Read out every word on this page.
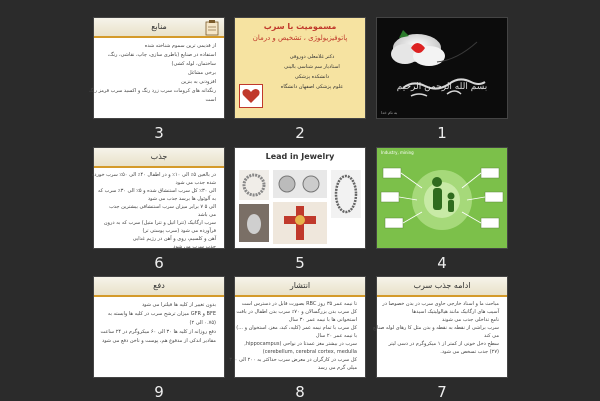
بسم الله الرحمن الرحیم
به نام خدا
1
مسمومیت با سرب
پاتوفیزیولوژی ، تشخیص و درمان
دکتر غلامعلی دوروقی
استادیار سم شناسی بالینی
دانشکده پزشکی
علوم پزشکی اصفهان دانشگاه
2
منابع
از قدیمی ترین سموم شناخته شده
استفاده در صنایع (باطری سازی، چاپ، نقاشی، رنگ،
ساختمان، لوله کشی)
برخی مشاغل
افزودنی به بنزین
رنگدانه های کرومات سرب زرد رنگ و اکسید سرب قرمز رنگ
است
3
Industry, mining
4
Lead in Jewelry
5
جذب
در بالغین ۵٪ الی ۱۰٪ و در اطفال ۴۰٪ الی ۵۰٪ سرب خورده
شده جذب می شود
الی ۳۰٪ کل سرب استنشاق شده و ۵٪ الی ۳۰٪ سرب که
به آلوئول ها برسد جذب می شود
الی ۵ ۷ برابر میزان سرب استنشاقی بیشترین جذب
می باشد
سرب ارگانیک (تترا اتیل و تترا متیل) سرب که به درون
فرآورده می شود (سرب پوستی تر)
آهن و کلسیم، روی و آهن در رژیم غذایی
جذب سرب می شود
6
ادامه جذب سرب
مباحث ما و اسناد خارجی حاوی سرب در بدن خصوصا در
آسیب های ارگانیک مانند هیالولیتیک اسیدها
نامع تداخلی جذب می شوند
سرب براشی از نقطه به نقطه و بدن مثل کا رهای لوله صنایع
می کند
سطح دخل خونی از کمتر از ۱ میکروگرم در دسی لیتر
(۲۷) جذب تسخص می شود.
7
انتشار
تا نیمه عمر ۳۵ روز RBC بصورت قابل در دسترس است
کل سرب بدن بزرگسالان و ۷۰٪ سرب بدن اطفال در بافت
استخوانی ها با نیمه عمر ۳۰ سال
کل سرب با تمام نیمه عمر (کلیه، کبد، مغز، استخوان و ...)
با نیمه عمر ۲۰ سال
سرب در بیشتر مغز عمدتا در نواحی (hippocampus,
cerebellum, cerebral cortex, medulla)
کل سرب در کارگران در معرض سرب حداکثر به ۲۰۰ الی ۳۰۰
میلی گرم می رسد
8
دفع
بدون تغییر از کلیه ها فیلترا می شود
BFE و GFR میزان ترشح سرب در کلیه ها وابسته به
(۰.۷۵ الی ۲)
دفع روزانه از کلیه ها ۳۰ الی ۶۰ میکروگرم در ۲۴ ساعت
مقادیر اندکی از مدفوع هم، پوست و ناخن دفع می شود
9
